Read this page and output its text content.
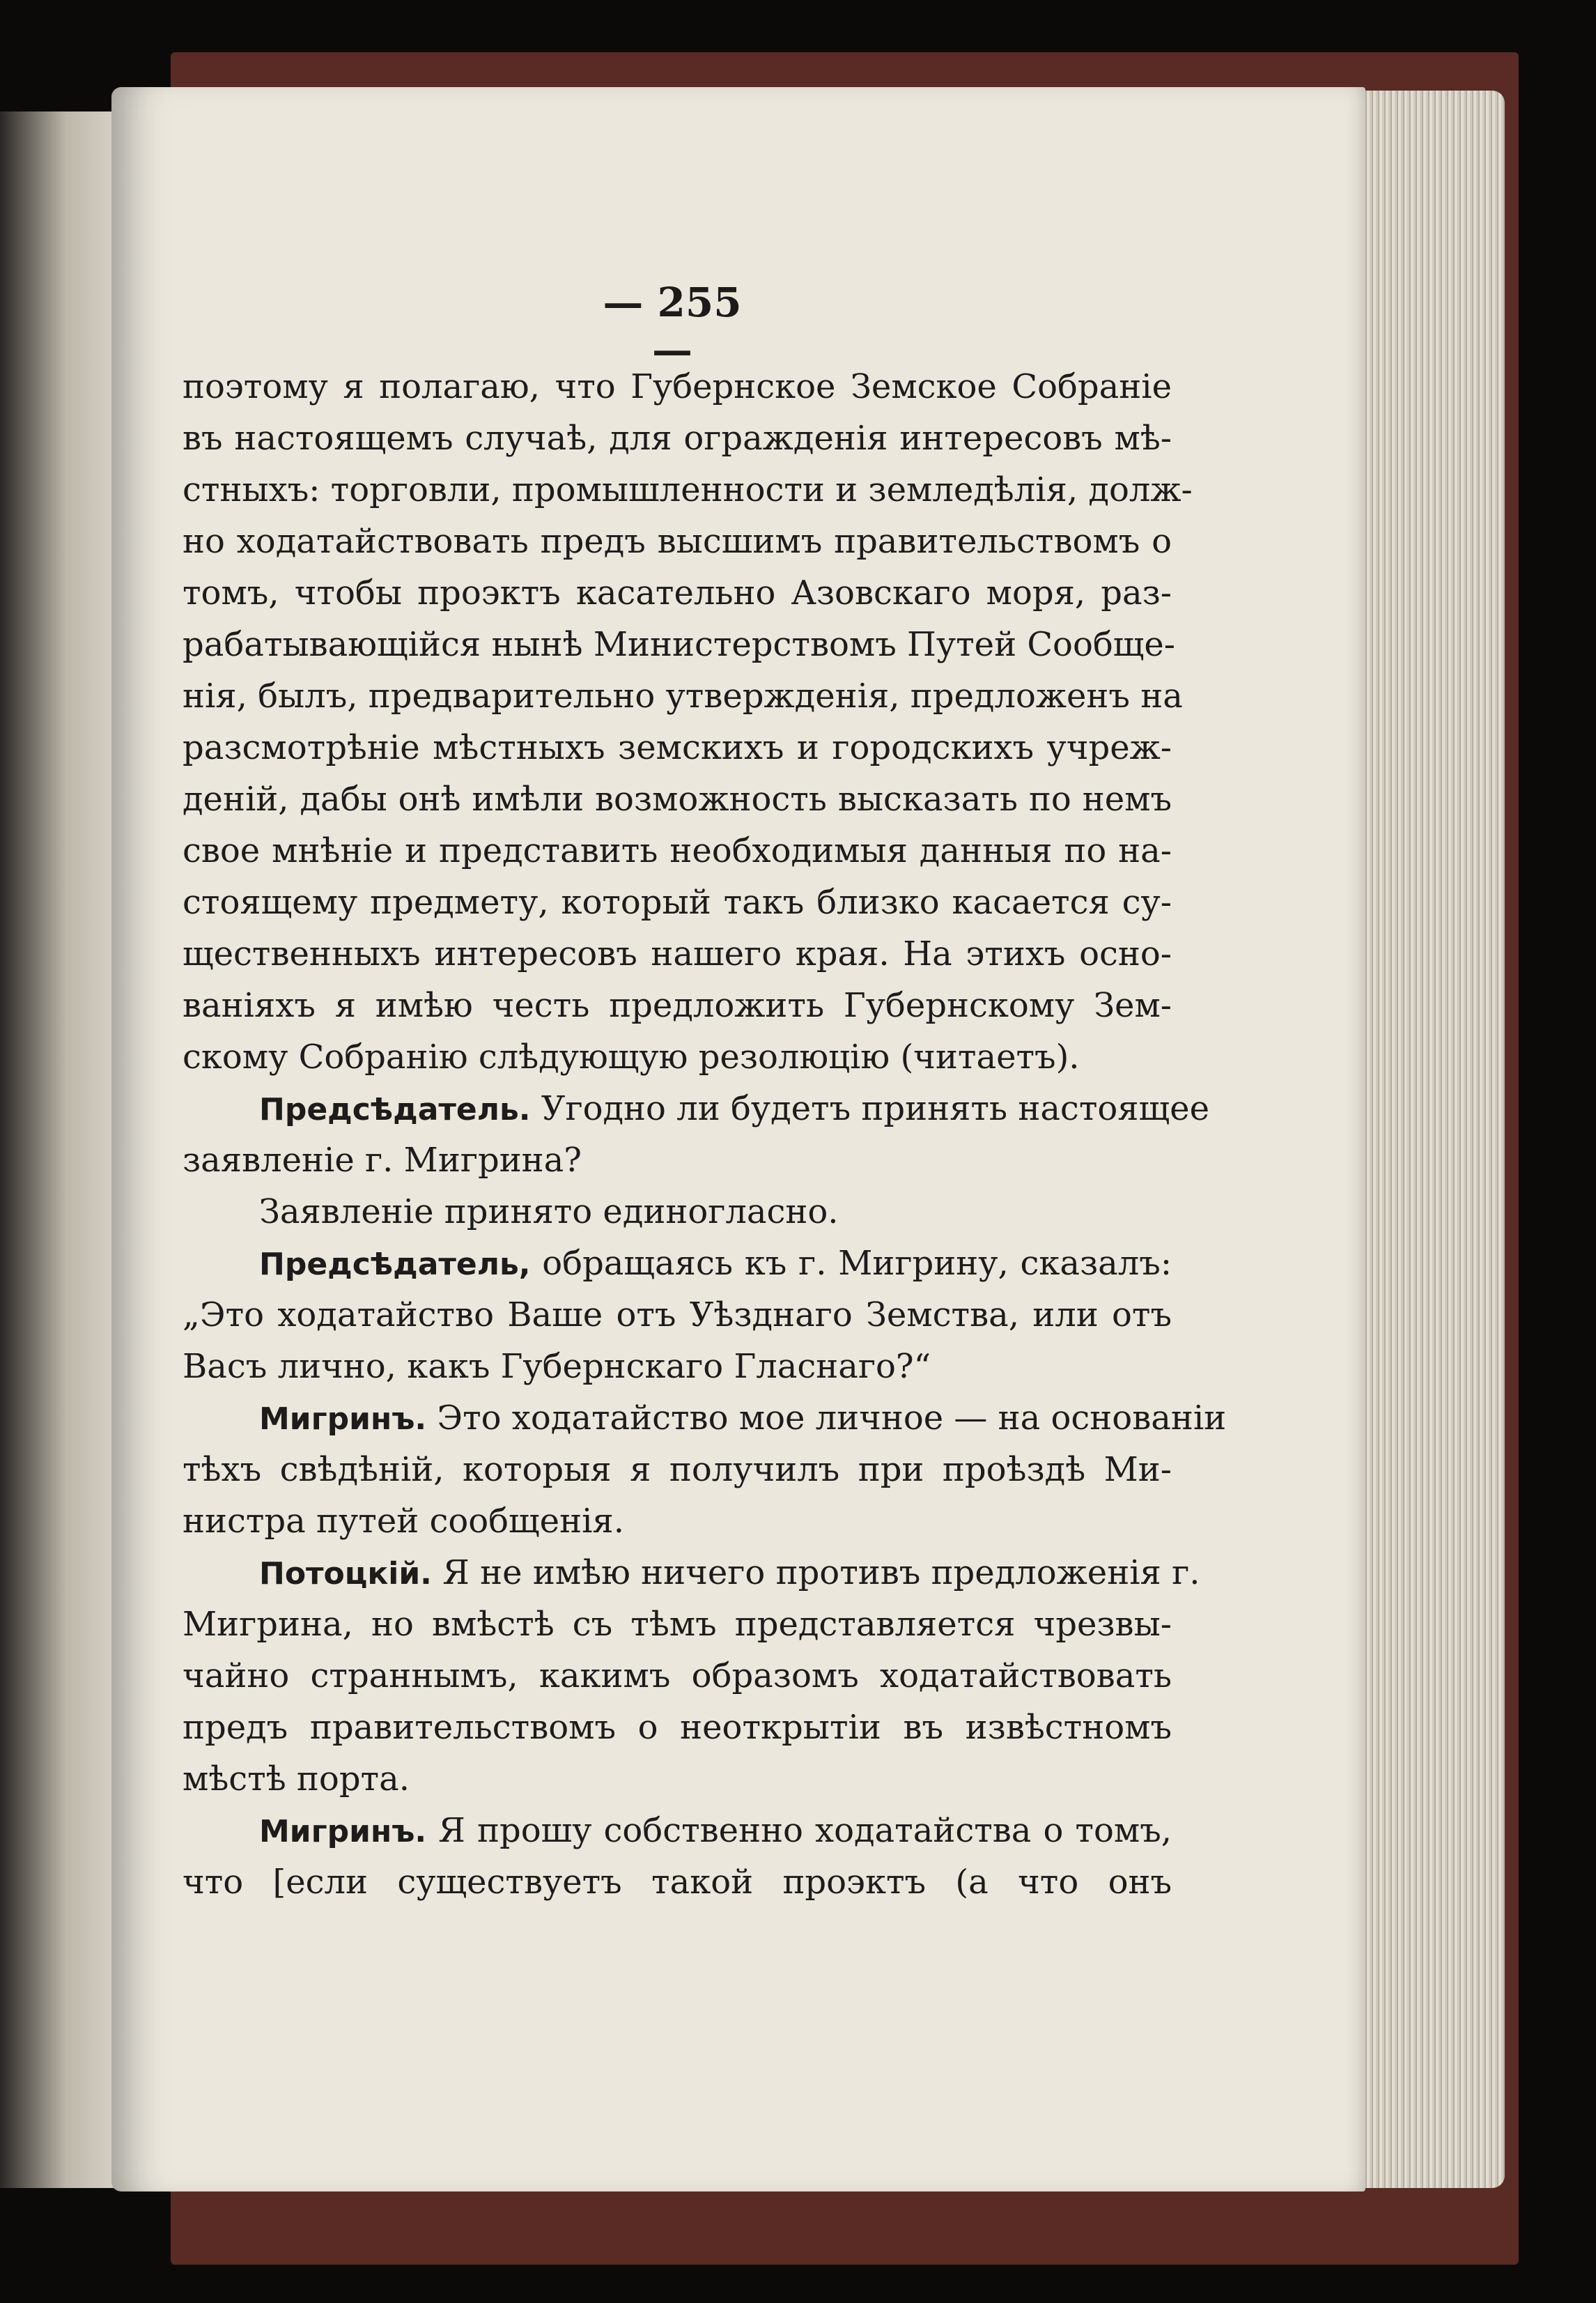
— 255 —
поэтому я полагаю, что Губернское Земское Собраніе
въ настоящемъ случаѣ, для огражденія интересовъ мѣ-
стныхъ: торговли, промышленности и земледѣлія, долж-
но ходатайствовать предъ высшимъ правительствомъ о
томъ, чтобы проэктъ касательно Азовскаго моря, раз-
рабатывающійся нынѣ Министерствомъ Путей Сообще-
нія, былъ, предварительно утвержденія, предложенъ на
разсмотрѣніе мѣстныхъ земскихъ и городскихъ учреж-
деній, дабы онѣ имѣли возможность высказать по немъ
свое мнѣніе и представить необходимыя данныя по на-
стоящему предмету, который такъ близко касается су-
щественныхъ интересовъ нашего края. На этихъ осно-
ваніяхъ я имѣю честь предложить Губернскому Зем-
скому Собранію слѣдующую резолюцію (читаетъ).
Предсѣдатель. Угодно ли будетъ принять настоящее
заявленіе г. Мигрина?
Заявленіе принято единогласно.
Предсѣдатель, обращаясь къ г. Мигрину, сказалъ:
„Это ходатайство Ваше отъ Уѣзднаго Земства, или отъ
Васъ лично, какъ Губернскаго Гласнаго?“
Мигринъ. Это ходатайство мое личное — на основаніи
тѣхъ свѣдѣній, которыя я получилъ при проѣздѣ Ми-
нистра путей сообщенія.
Потоцкій. Я не имѣю ничего противъ предложенія г.
Мигрина, но вмѣстѣ съ тѣмъ представляется чрезвы-
чайно страннымъ, какимъ образомъ ходатайствовать
предъ правительствомъ о неоткрытіи въ извѣстномъ
мѣстѣ порта.
Мигринъ. Я прошу собственно ходатайства о томъ,
что [если существуетъ такой проэктъ (а что онъ
